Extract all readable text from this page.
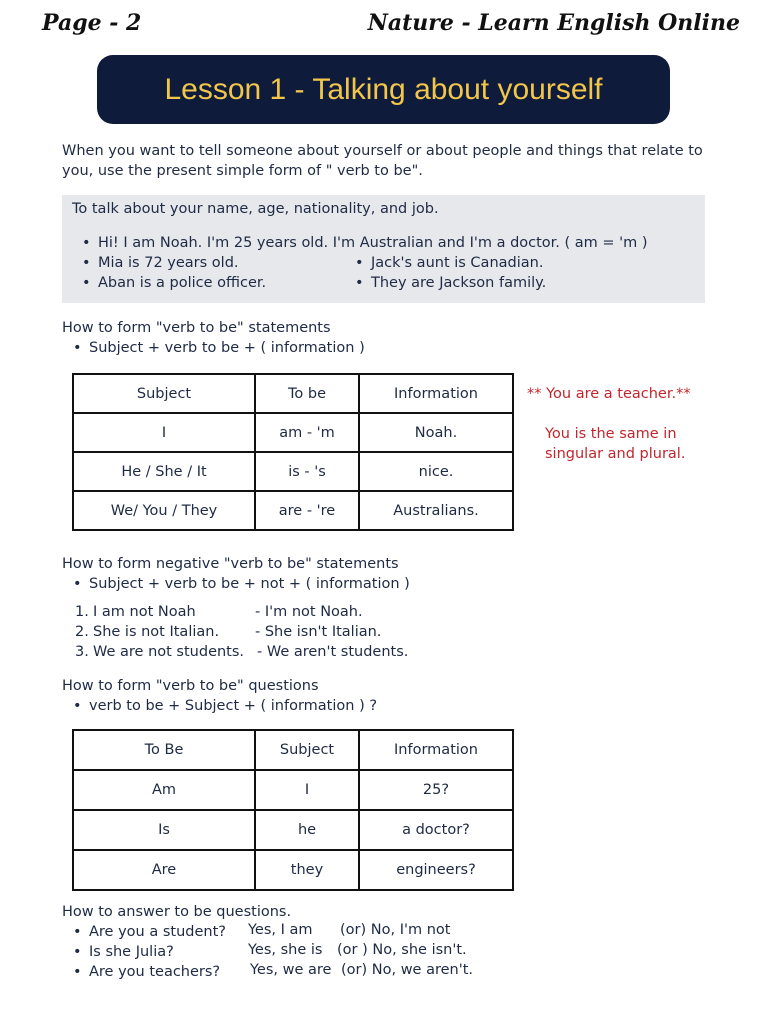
Page - 2	Nature - Learn English Online
Lesson 1 - Talking about yourself
When you want to tell someone about yourself or about people and things that relate to you, use the present simple form of " verb to be".
To talk about your name, age, nationality, and job.
• Hi! I am Noah. I'm 25 years old. I'm Australian and I'm a doctor. ( am = 'm )
• Mia is 72 years old.	• Jack's aunt is Canadian.
• Aban is a police officer.	• They are Jackson family.
How to form "verb to be" statements
• Subject + verb to be + ( information )
Subject	To be	Information
I	am - 'm	Noah.
He / She / It	is - 's	nice.
We/ You / They	are - 're	Australians.
** You are a teacher.**
You is the same in
singular and plural.
How to form negative "verb to be" statements
• Subject + verb to be + not + ( information )
1. I am not Noah	- I'm not Noah.
2. She is not Italian. - She isn't Italian.
3. We are not students. - We aren't students.
How to form "verb to be" questions
• verb to be + Subject + ( information ) ?
To Be	Subject	Information
Am	I	25?
Is	he	a doctor?
Are	they	engineers?
How to answer to be questions.
• Are you a student? Yes, I am (or) No, I'm not
• Is she Julia?	Yes, she is (or ) No, she isn't.
• Are you teachers? Yes, we are (or) No, we aren't.
